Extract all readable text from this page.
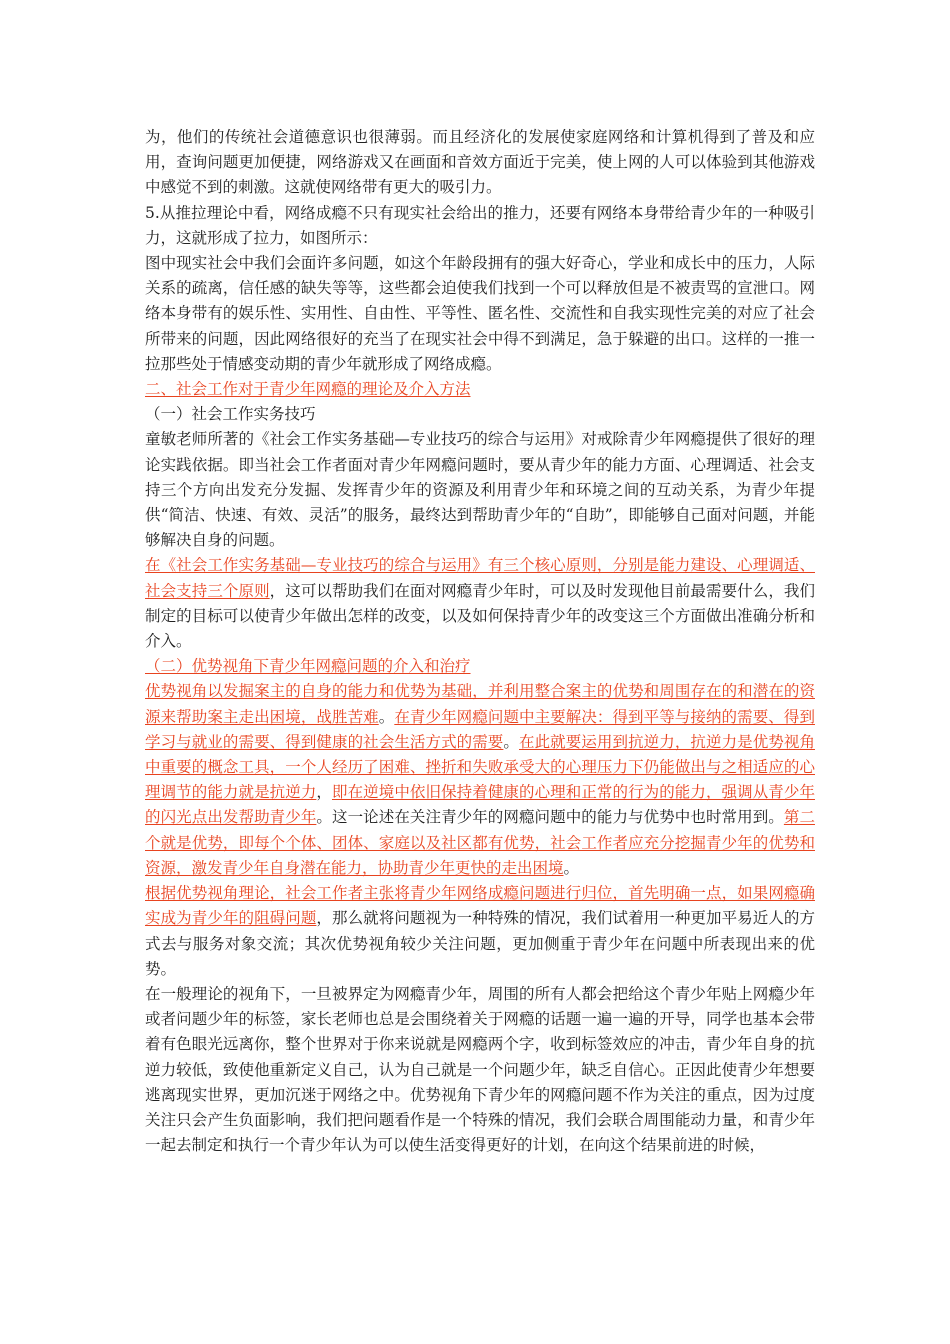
为，他们的传统社会道德意识也很薄弱。而且经济化的发展使家庭网络和计算机得到了普及和应用，查询问题更加便捷，网络游戏又在画面和音效方面近于完美，使上网的人可以体验到其他游戏中感觉不到的刺激。这就使网络带有更大的吸引力。

5.从推拉理论中看，网络成瘾不只有现实社会给出的推力，还要有网络本身带给青少年的一种吸引力，这就形成了拉力，如图所示：

图中现实社会中我们会面许多问题，如这个年龄段拥有的强大好奇心，学业和成长中的压力，人际关系的疏离，信任感的缺失等等，这些都会迫使我们找到一个可以释放但是不被责骂的宣泄口。网络本身带有的娱乐性、实用性、自由性、平等性、匿名性、交流性和自我实现性完美的对应了社会所带来的问题，因此网络很好的充当了在现实社会中得不到满足，急于躲避的出口。这样的一推一拉那些处于情感变动期的青少年就形成了网络成瘾。

二、社会工作对于青少年网瘾的理论及介入方法

（一）社会工作实务技巧

童敏老师所著的《社会工作实务基础—专业技巧的综合与运用》对戒除青少年网瘾提供了很好的理论实践依据。即当社会工作者面对青少年网瘾问题时，要从青少年的能力方面、心理调适、社会支持三个方向出发充分发掘、发挥青少年的资源及利用青少年和环境之间的互动关系，为青少年提供“简洁、快速、有效、灵活”的服务，最终达到帮助青少年的“自助”，即能够自己面对问题，并能够解决自身的问题。

在《社会工作实务基础—专业技巧的综合与运用》有三个核心原则，分别是能力建设、心理调适、社会支持三个原则，这可以帮助我们在面对网瘾青少年时，可以及时发现他目前最需要什么，我们制定的目标可以使青少年做出怎样的改变，以及如何保持青少年的改变这三个方面做出准确分析和介入。

（二）优势视角下青少年网瘾问题的介入和治疗

优势视角以发掘案主的自身的能力和优势为基础，并利用整合案主的优势和周围存在的和潜在的资源来帮助案主走出困境，战胜苦难。在青少年网瘾问题中主要解决：得到平等与接纳的需要、得到学习与就业的需要、得到健康的社会生活方式的需要。在此就要运用到抗逆力，抗逆力是优势视角中重要的概念工具，一个人经历了困难、挫折和失败承受大的心理压力下仍能做出与之相适应的心理调节的能力就是抗逆力，即在逆境中依旧保持着健康的心理和正常的行为的能力，强调从青少年的闪光点出发帮助青少年。这一论述在关注青少年的网瘾问题中的能力与优势中也时常用到。第二个就是优势，即每个个体、团体、家庭以及社区都有优势，社会工作者应充分挖掘青少年的优势和资源，激发青少年自身潜在能力，协助青少年更快的走出困境。

根据优势视角理论，社会工作者主张将青少年网络成瘾问题进行归位，首先明确一点，如果网瘾确实成为青少年的阻碍问题，那么就将问题视为一种特殊的情况，我们试着用一种更加平易近人的方式去与服务对象交流；其次优势视角较少关注问题，更加侧重于青少年在问题中所表现出来的优势。

在一般理论的视角下，一旦被界定为网瘾青少年，周围的所有人都会把给这个青少年贴上网瘾少年或者问题少年的标签，家长老师也总是会围绕着关于网瘾的话题一遍一遍的开导，同学也基本会带着有色眼光远离你，整个世界对于你来说就是网瘾两个字，收到标签效应的冲击，青少年自身的抗逆力较低，致使他重新定义自己，认为自己就是一个问题少年，缺乏自信心。正因此使青少年想要逃离现实世界，更加沉迷于网络之中。优势视角下青少年的网瘾问题不作为关注的重点，因为过度关注只会产生负面影响，我们把问题看作是一个特殊的情况，我们会联合周围能动力量，和青少年一起去制定和执行一个青少年认为可以使生活变得更好的计划，在向这个结果前进的时候，
